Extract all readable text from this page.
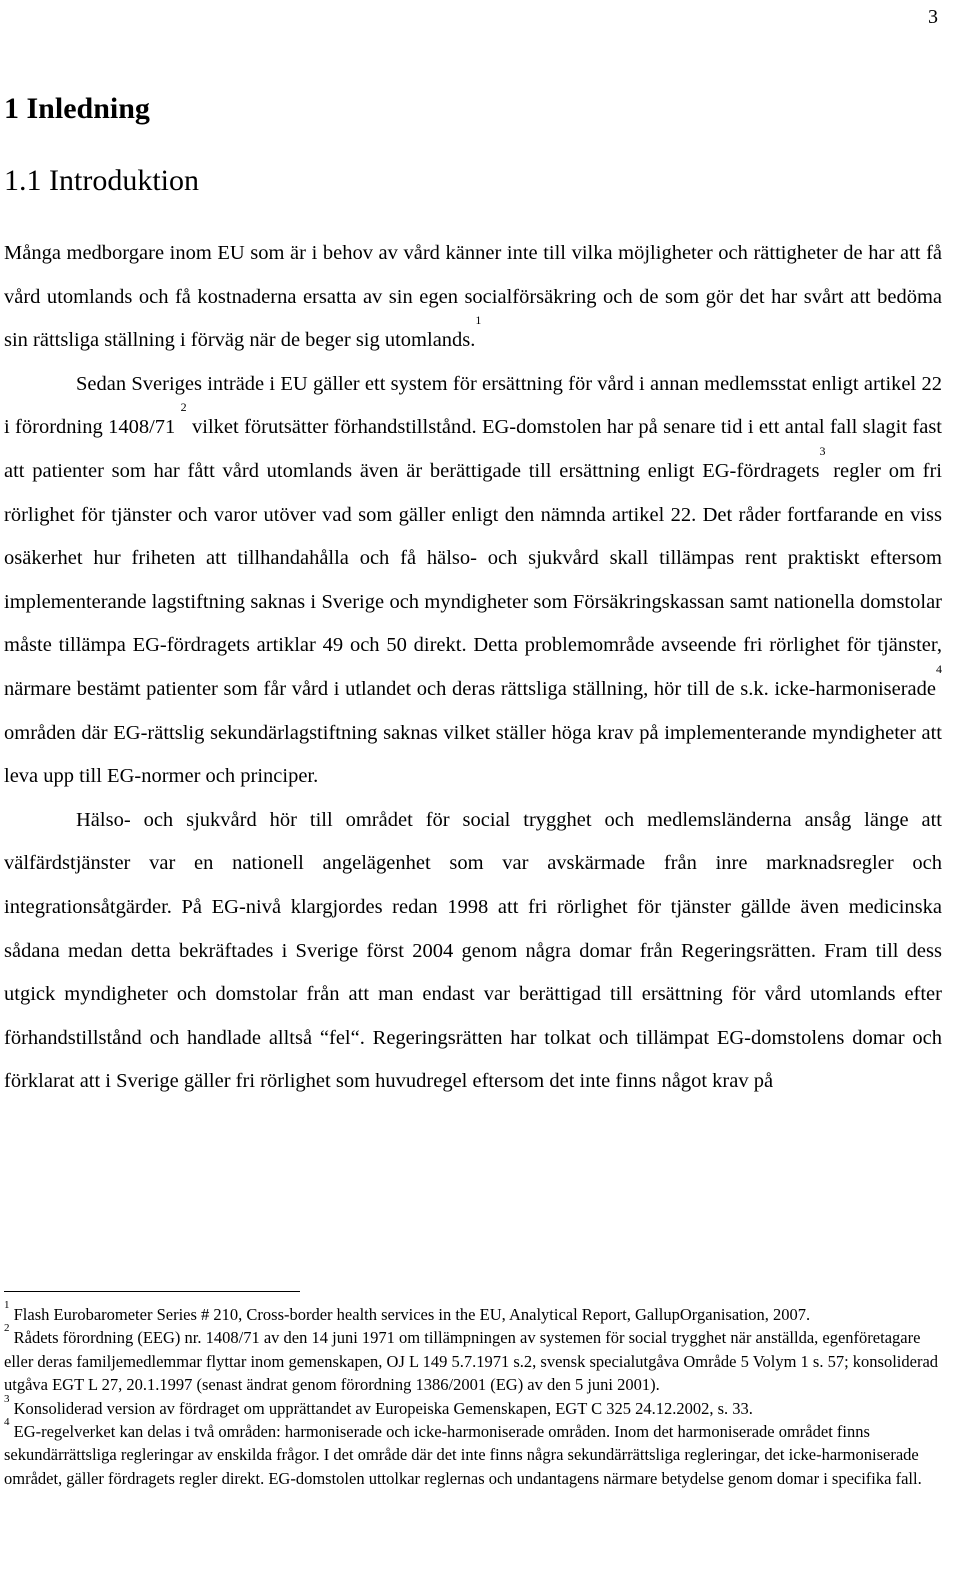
3
1 Inledning
1.1 Introduktion

Många medborgare inom EU som är i behov av vård känner inte till vilka möjligheter och rättigheter de har att få vård utomlands och få kostnaderna ersatta av sin egen socialförsäkring och de som gör det har svårt att bedöma sin rättsliga ställning i förväg när de beger sig utomlands.$^1$

Sedan Sveriges inträde i EU gäller ett system för ersättning för vård i annan medlemsstat enligt artikel 22 i förordning 1408/71 $^2$ vilket förutsätter förhandstillstånd. EG-domstolen har på senare tid i ett antal fall slagit fast att patienter som har fått vård utomlands även är berättigade till ersättning enligt EG-fördragets$^3$ regler om fri rörlighet för tjänster och varor utöver vad som gäller enligt den nämnda artikel 22. Det råder fortfarande en viss osäkerhet hur friheten att tillhandahålla och få hälso- och sjukvård skall tillämpas rent praktiskt eftersom implementerande lagstiftning saknas i Sverige och myndigheter som Försäkringskassan samt nationella domstolar måste tillämpa EG-fördragets artiklar 49 och 50 direkt. Detta problemområde avseende fri rörlighet för tjänster, närmare bestämt patienter som får vård i utlandet och deras rättsliga ställning, hör till de s.k. icke-harmoniserade$^4$ områden där EG-rättslig sekundärlagstiftning saknas vilket ställer höga krav på implementerande myndigheter att leva upp till EG-normer och principer.

Hälso- och sjukvård hör till området för social trygghet och medlemsländerna ansåg länge att välfärdstjänster var en nationell angelägenhet som var avskärmade från inre marknadsregler och integrationsåtgärder. På EG-nivå klargjordes redan 1998 att fri rörlighet för tjänster gällde även medicinska sådana medan detta bekräftades i Sverige först 2004 genom några domar från Regeringsrätten. Fram till dess utgick myndigheter och domstolar från att man endast var berättigad till ersättning för vård utomlands efter förhandstillstånd och handlade alltså “fel“. Regeringsrätten har tolkat och tillämpat EG-domstolens domar och förklarat att i Sverige gäller fri rörlighet som huvudregel eftersom det inte finns något krav på

$^1$ Flash Eurobarometer Series # 210, Cross-border health services in the EU, Analytical Report, GallupOrganisation, 2007.

$^2$ Rådets förordning (EEG) nr. 1408/71 av den 14 juni 1971 om tillämpningen av systemen för social trygghet när anställda, egenföretagare eller deras familjemedlemmar flyttar inom gemenskapen, OJ L 149 5.7.1971 s.2, svensk specialutgåva Område 5 Volym 1 s. 57; konsoliderad utgåva EGT L 27, 20.1.1997 (senast ändrat genom förordning 1386/2001 (EG) av den 5 juni 2001).

$^3$ Konsoliderad version av fördraget om upprättandet av Europeiska Gemenskapen, EGT C 325 24.12.2002, s. 33.

$^4$ EG-regelverket kan delas i två områden: harmoniserade och icke-harmoniserade områden. Inom det harmoniserade området finns sekundärrättsliga regleringar av enskilda frågor. I det område där det inte finns några sekundärrättsliga regleringar, det icke-harmoniserade området, gäller fördragets regler direkt. EG-domstolen uttolkar reglernas och undantagens närmare betydelse genom domar i specifika fall.
